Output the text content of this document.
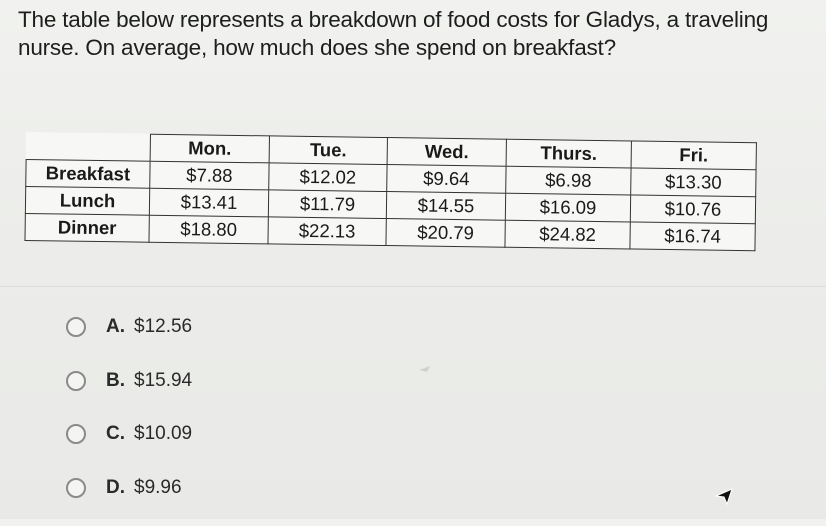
The table below represents a breakdown of food costs for Gladys, a traveling nurse. On average, how much does she spend on breakfast?
	Mon.	Tue.	Wed.	Thurs.	Fri.
Breakfast	$7.88	$12.02	$9.64	$6.98	$13.30
Lunch	$13.41	$11.79	$14.55	$16.09	$10.76
Dinner	$18.80	$22.13	$20.79	$24.82	$16.74
A. $12.56
B. $15.94
C. $10.09
D. $9.96
